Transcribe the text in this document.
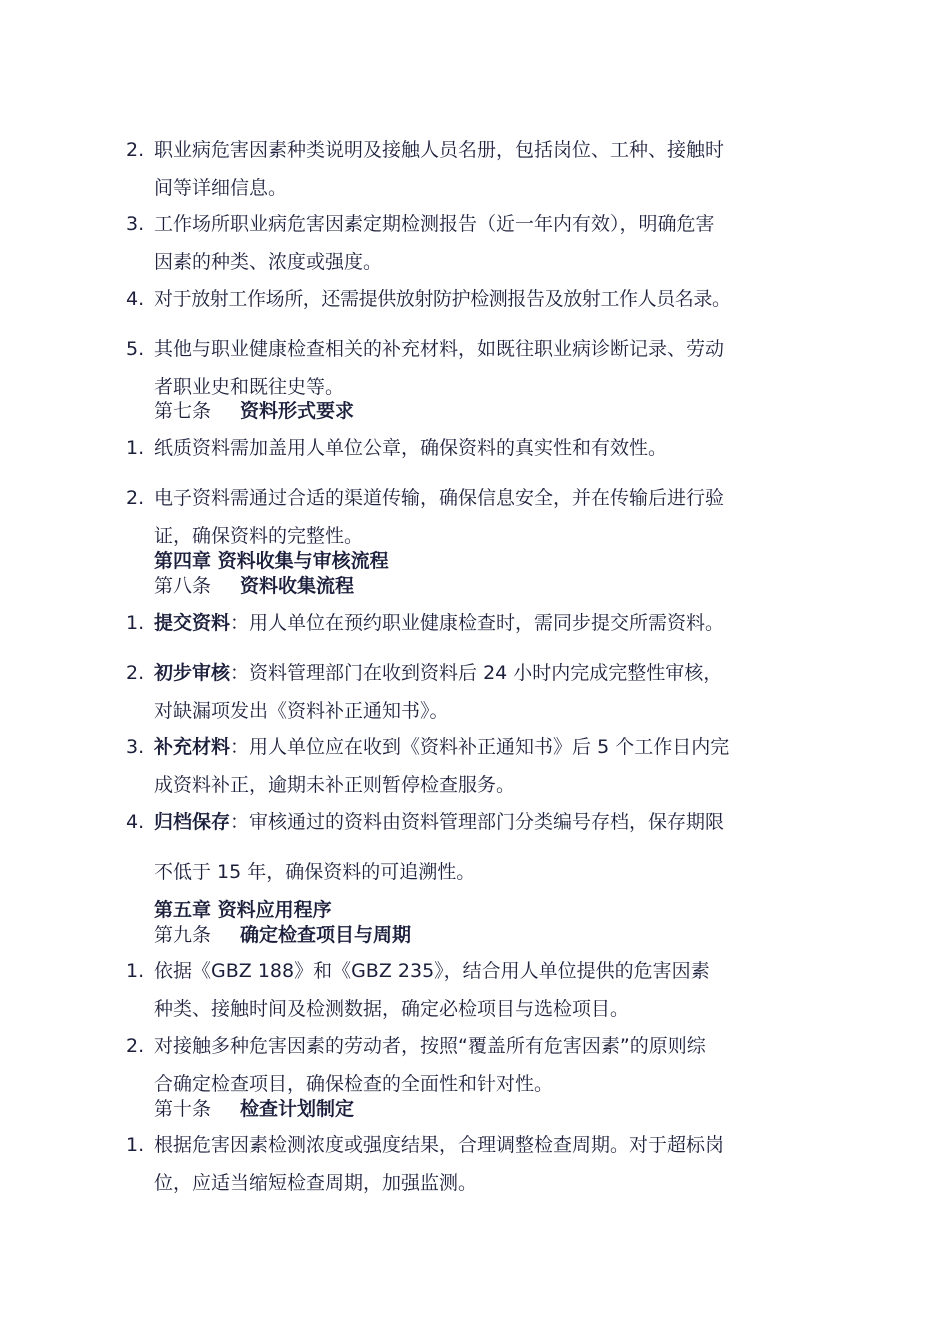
2. 职业病危害因素种类说明及接触人员名册，包括岗位、工种、接触时
间等详细信息。
3. 工作场所职业病危害因素定期检测报告（近一年内有效），明确危害
因素的种类、浓度或强度。
4. 对于放射工作场所，还需提供放射防护检测报告及放射工作人员名录。
5. 其他与职业健康检查相关的补充材料，如既往职业病诊断记录、劳动
者职业史和既往史等。
第七条 资料形式要求
1. 纸质资料需加盖用人单位公章，确保资料的真实性和有效性。
2. 电子资料需通过合适的渠道传输，确保信息安全，并在传输后进行验
证，确保资料的完整性。
第四章 资料收集与审核流程
第八条 资料收集流程
1. 提交资料：用人单位在预约职业健康检查时，需同步提交所需资料。
2. 初步审核：资料管理部门在收到资料后 24 小时内完成完整性审核，
对缺漏项发出《资料补正通知书》。
3. 补充材料：用人单位应在收到《资料补正通知书》后 5 个工作日内完
成资料补正，逾期未补正则暂停检查服务。
4. 归档保存：审核通过的资料由资料管理部门分类编号存档，保存期限
不低于 15 年，确保资料的可追溯性。
第五章 资料应用程序
第九条 确定检查项目与周期
1. 依据《GBZ 188》和《GBZ 235》，结合用人单位提供的危害因素
种类、接触时间及检测数据，确定必检项目与选检项目。
2. 对接触多种危害因素的劳动者，按照“覆盖所有危害因素”的原则综
合确定检查项目，确保检查的全面性和针对性。
第十条 检查计划制定
1. 根据危害因素检测浓度或强度结果，合理调整检查周期。对于超标岗
位，应适当缩短检查周期，加强监测。
